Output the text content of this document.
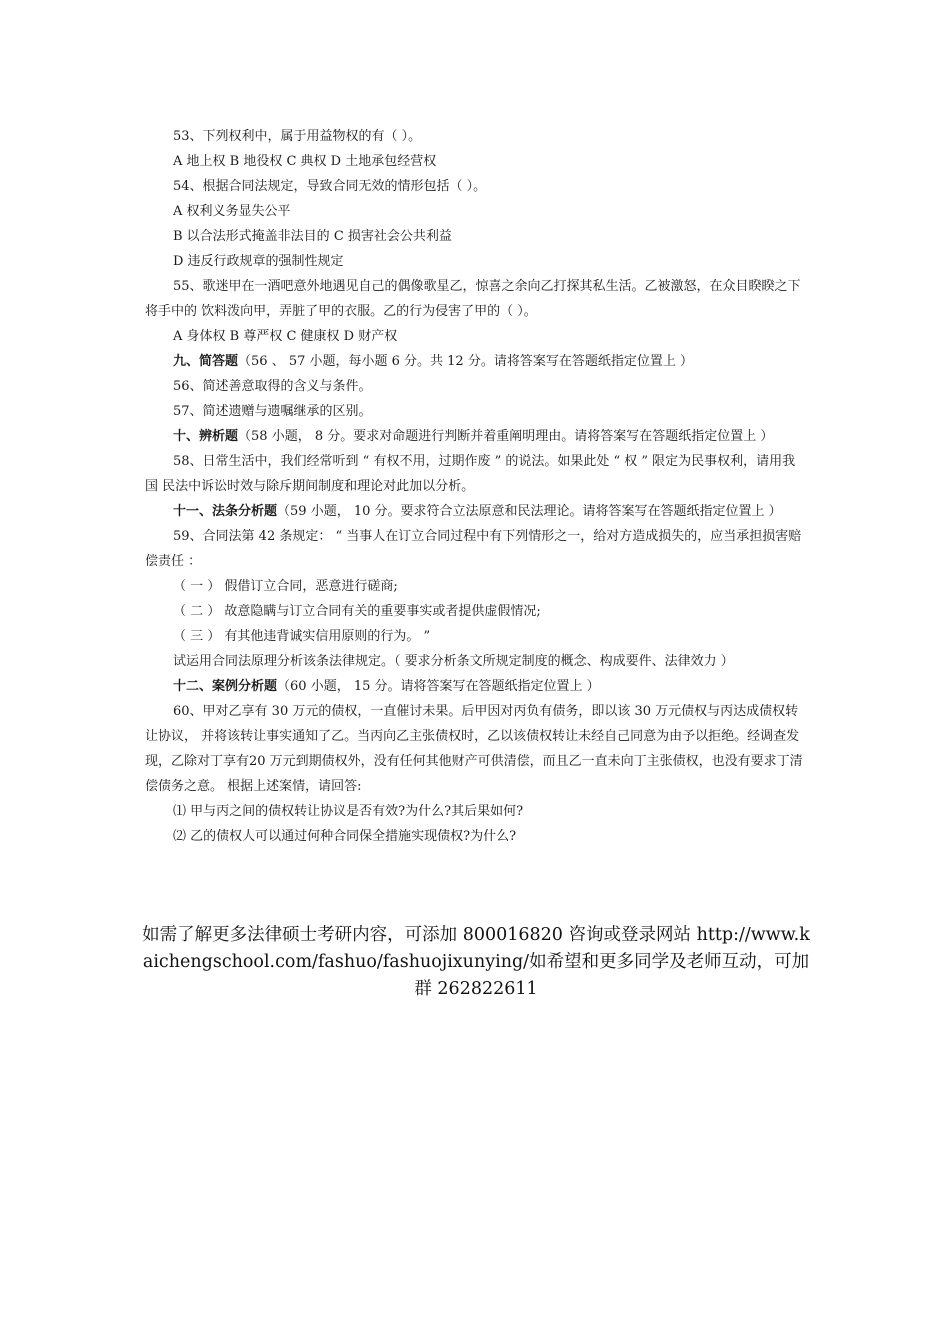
53、下列权利中，属于用益物权的有（ ）。

A 地上权 B 地役权 C 典权 D 土地承包经营权

54、根据合同法规定，导致合同无效的情形包括（ ）。

A 权利义务显失公平

B 以合法形式掩盖非法目的 C 损害社会公共利益

D 违反行政规章的强制性规定

55、歌迷甲在一酒吧意外地遇见自己的偶像歌星乙，惊喜之余向乙打探其私生活。乙被激怒，在众目睽睽之下将手中的 饮料泼向甲，弄脏了甲的衣服。乙的行为侵害了甲的（ ）。

A 身体权 B 尊严权 C 健康权 D 财产权

九、简答题（56 、 57 小题，每小题 6 分。共 12 分。请将答案写在答题纸指定位置上 ）

56、简述善意取得的含义与条件。

57、简述遗赠与遗嘱继承的区别。

十、辨析题（58 小题， 8 分。要求对命题进行判断并着重阐明理由。请将答案写在答题纸指定位置上 ）

58、日常生活中，我们经常听到 “ 有权不用，过期作废 ” 的说法。如果此处 “ 权 ” 限定为民事权利，请用我国 民法中诉讼时效与除斥期间制度和理论对此加以分析。

十一、法条分析题（59 小题， 10 分。要求符合立法原意和民法理论。请将答案写在答题纸指定位置上 ）

59、合同法第 42 条规定： “ 当事人在订立合同过程中有下列情形之一，给对方造成损失的，应当承担损害赔偿责任 ：

（ 一 ） 假借订立合同，恶意进行磋商;

（ 二 ） 故意隐瞒与订立合同有关的重要事实或者提供虚假情况;

（ 三 ） 有其他违背诚实信用原则的行为。 ”

试运用合同法原理分析该条法律规定。（ 要求分析条文所规定制度的概念、构成要件、法律效力 ）

十二、案例分析题（60 小题， 15 分。请将答案写在答题纸指定位置上 ）

60、甲对乙享有 30 万元的债权，一直催讨未果。后甲因对丙负有债务，即以该 30 万元债权与丙达成债权转让协议， 并将该转让事实通知了乙。当丙向乙主张债权时，乙以该债权转让未经自己同意为由予以拒绝。经调查发现，乙除对丁享有20 万元到期债权外，没有任何其他财产可供清偿，而且乙一直未向丁主张债权，也没有要求丁清偿债务之意。 根据上述案情，请回答:

⑴ 甲与丙之间的债权转让协议是否有效?为什么?其后果如何?

⑵ 乙的债权人可以通过何种合同保全措施实现债权?为什么?

如需了解更多法律硕士考研内容，可添加 800016820 咨询或登录网站 http://www.kaichengschool.com/fashuo/fashuojixunying/如希望和更多同学及老师互动，可加群 262822611
